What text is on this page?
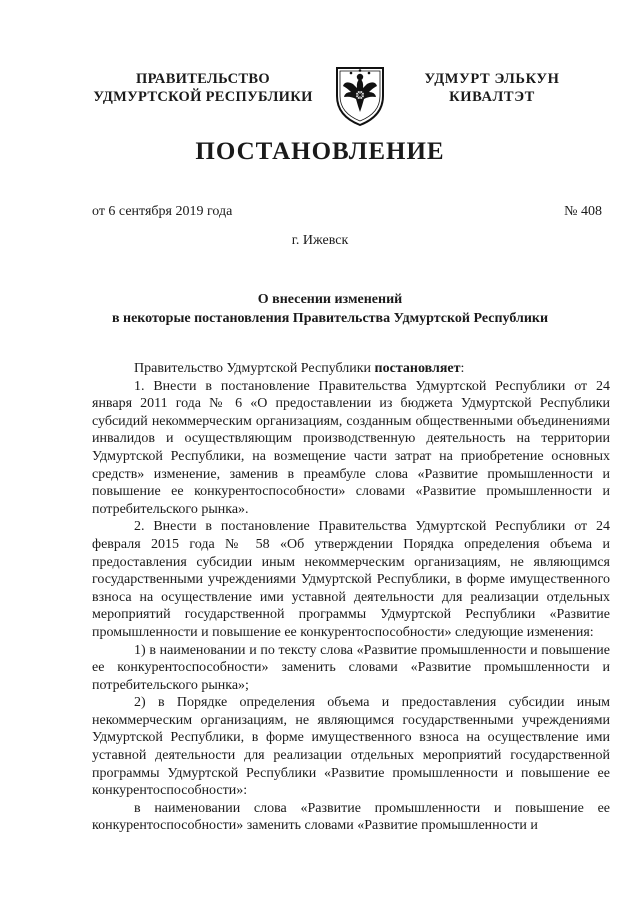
ПРАВИТЕЛЬСТВО
УДМУРТСКОЙ РЕСПУБЛИКИ
УДМУРТ ЭЛЬКУН
КИВАЛТЭТ
ПОСТАНОВЛЕНИЕ
от 6 сентября 2019 года	№ 408
г. Ижевск
О внесении изменений
в некоторые постановления Правительства Удмуртской Республики

Правительство Удмуртской Республики постановляет:

1. Внести в постановление Правительства Удмуртской Республики от 24 января 2011 года № 6 «О предоставлении из бюджета Удмуртской Республики субсидий некоммерческим организациям, созданным общественными объединениями инвалидов и осуществляющим производственную деятельность на территории Удмуртской Республики, на возмещение части затрат на приобретение основных средств» изменение, заменив в преамбуле слова «Развитие промышленности и повышение ее конкурентоспособности» словами «Развитие промышленности и потребительского рынка».

2. Внести в постановление Правительства Удмуртской Республики от 24 февраля 2015 года № 58 «Об утверждении Порядка определения объема и предоставления субсидии иным некоммерческим организациям, не являющимся государственными учреждениями Удмуртской Республики, в форме имущественного взноса на осуществление ими уставной деятельности для реализации отдельных мероприятий государственной программы Удмуртской Республики «Развитие промышленности и повышение ее конкурентоспособности» следующие изменения:

1) в наименовании и по тексту слова «Развитие промышленности и повышение ее конкурентоспособности» заменить словами «Развитие промышленности и потребительского рынка»;

2) в Порядке определения объема и предоставления субсидии иным некоммерческим организациям, не являющимся государственными учреждениями Удмуртской Республики, в форме имущественного взноса на осуществление ими уставной деятельности для реализации отдельных мероприятий государственной программы Удмуртской Республики «Развитие промышленности и повышение ее конкурентоспособности»:

в наименовании слова «Развитие промышленности и повышение ее конкурентоспособности» заменить словами «Развитие промышленности и
